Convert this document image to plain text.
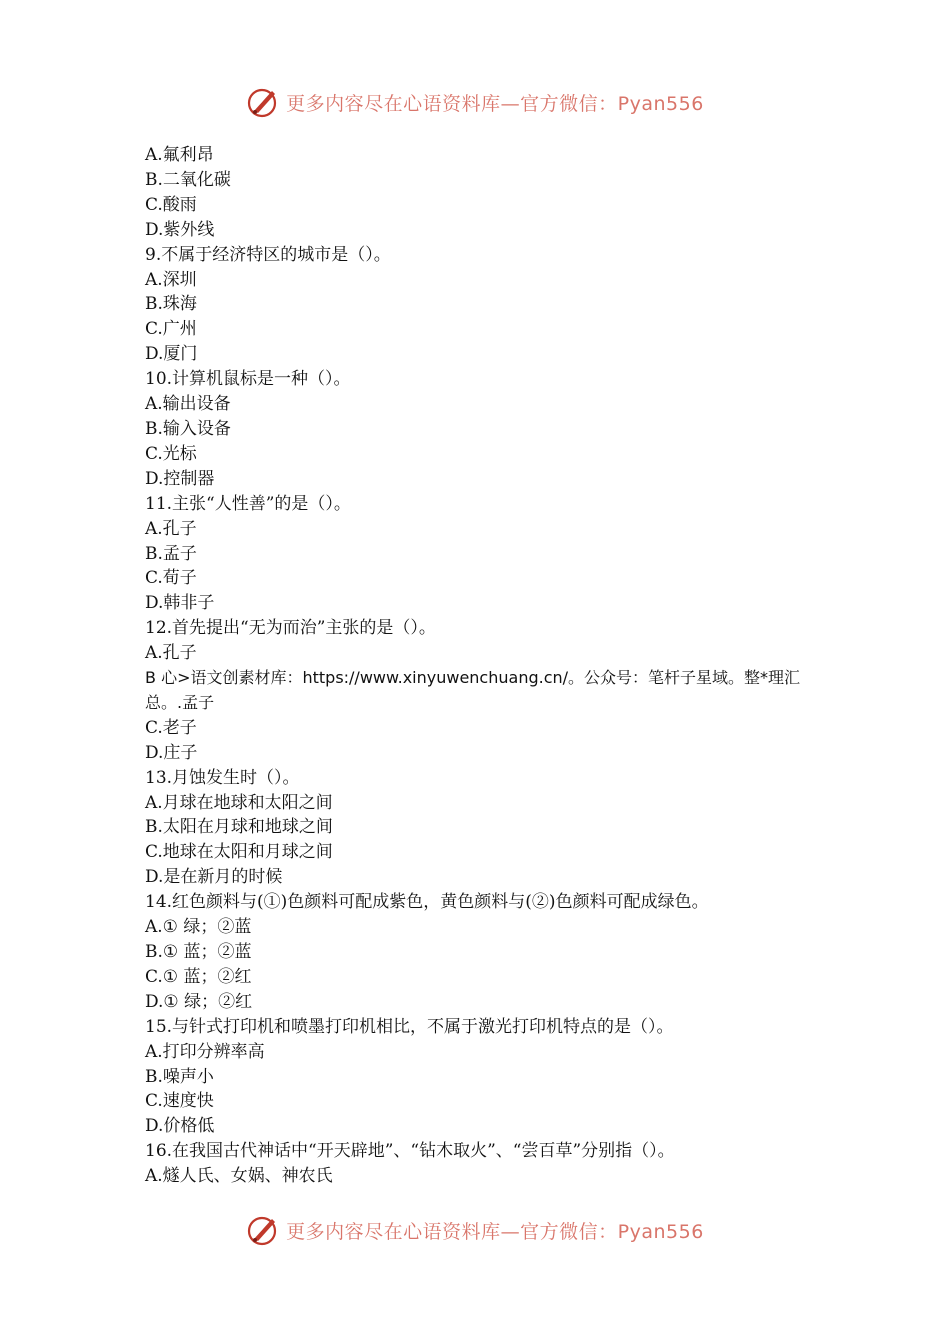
更多内容尽在心语资料库—官方微信：Pyan556
A.氟利昂
B.二氧化碳
C.酸雨
D.紫外线
9.不属于经济特区的城市是（）。
A.深圳
B.珠海
C.广州
D.厦门
10.计算机鼠标是一种（）。
A.输出设备
B.输入设备
C.光标
D.控制器
11.主张“人性善”的是（）。
A.孔子
B.孟子
C.荀子
D.韩非子
12.首先提出“无为而治”主张的是（）。
A.孔子
B 心>语文创素材库：https://www.xinyuwenchuang.cn/。公众号：笔杆子星域。整*理汇总。.孟子
C.老子
D.庄子
13.月蚀发生时（）。
A.月球在地球和太阳之间
B.太阳在月球和地球之间
C.地球在太阳和月球之间
D.是在新月的时候
14.红色颜料与(①)色颜料可配成紫色，黄色颜料与(②)色颜料可配成绿色。
A.① 绿；②蓝
B.① 蓝；②蓝
C.① 蓝；②红
D.① 绿；②红
15.与针式打印机和喷墨打印机相比，不属于激光打印机特点的是（）。
A.打印分辨率高
B.噪声小
C.速度快
D.价格低
16.在我国古代神话中“开天辟地”、“钻木取火”、“尝百草”分别指（）。
A.燧人氏、女娲、神农氏
更多内容尽在心语资料库—官方微信：Pyan556
